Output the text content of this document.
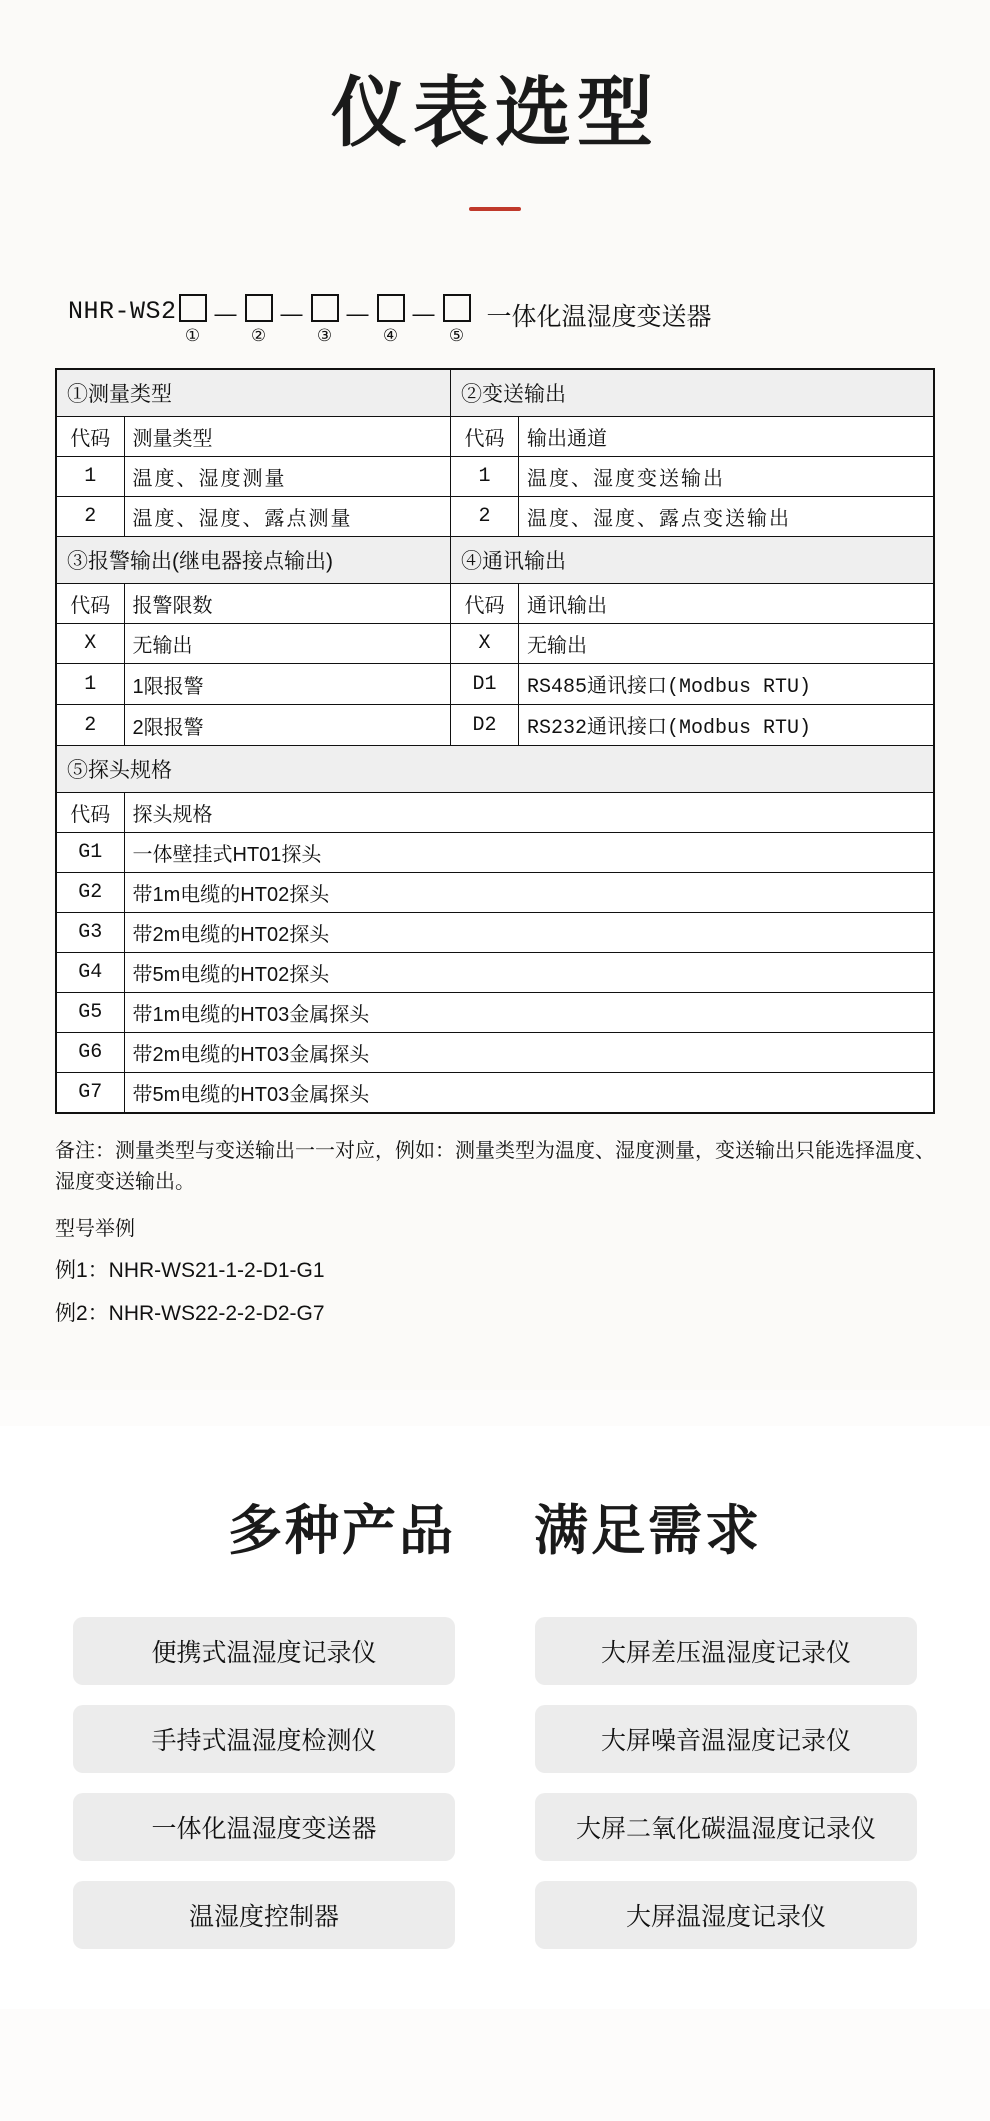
仪表选型
NHR-WS2
①
—
②
—
③
—
④
—
⑤
一体化温湿度变送器
①测量类型		②变送输出	
代码	测量类型	代码	输出通道
1	温度、湿度测量	1	温度、湿度变送输出
2	温度、湿度、露点测量	2	温度、湿度、露点变送输出
③报警输出(继电器接点输出)		④通讯输出	
代码	报警限数	代码	通讯输出
X	无输出	X	无输出
1	1限报警	D1	RS485通讯接口(Modbus RTU)
2	2限报警	D2	RS232通讯接口(Modbus RTU)
⑤探头规格			
代码	探头规格		
G1	一体壁挂式HT01探头		
G2	带1m电缆的HT02探头		
G3	带2m电缆的HT02探头		
G4	带5m电缆的HT02探头		
G5	带1m电缆的HT03金属探头		
G6	带2m电缆的HT03金属探头		
G7	带5m电缆的HT03金属探头		
备注：测量类型与变送输出一一对应，例如：测量类型为温度、湿度测量，变送输出只能选择温度、湿度变送输出。
型号举例
例1：NHR-WS21-1-2-D1-G1
例2：NHR-WS22-2-2-D2-G7
多种产品 满足需求
便携式温湿度记录仪
手持式温湿度检测仪
一体化温湿度变送器
温湿度控制器
大屏差压温湿度记录仪
大屏噪音温湿度记录仪
大屏二氧化碳温湿度记录仪
大屏温湿度记录仪
